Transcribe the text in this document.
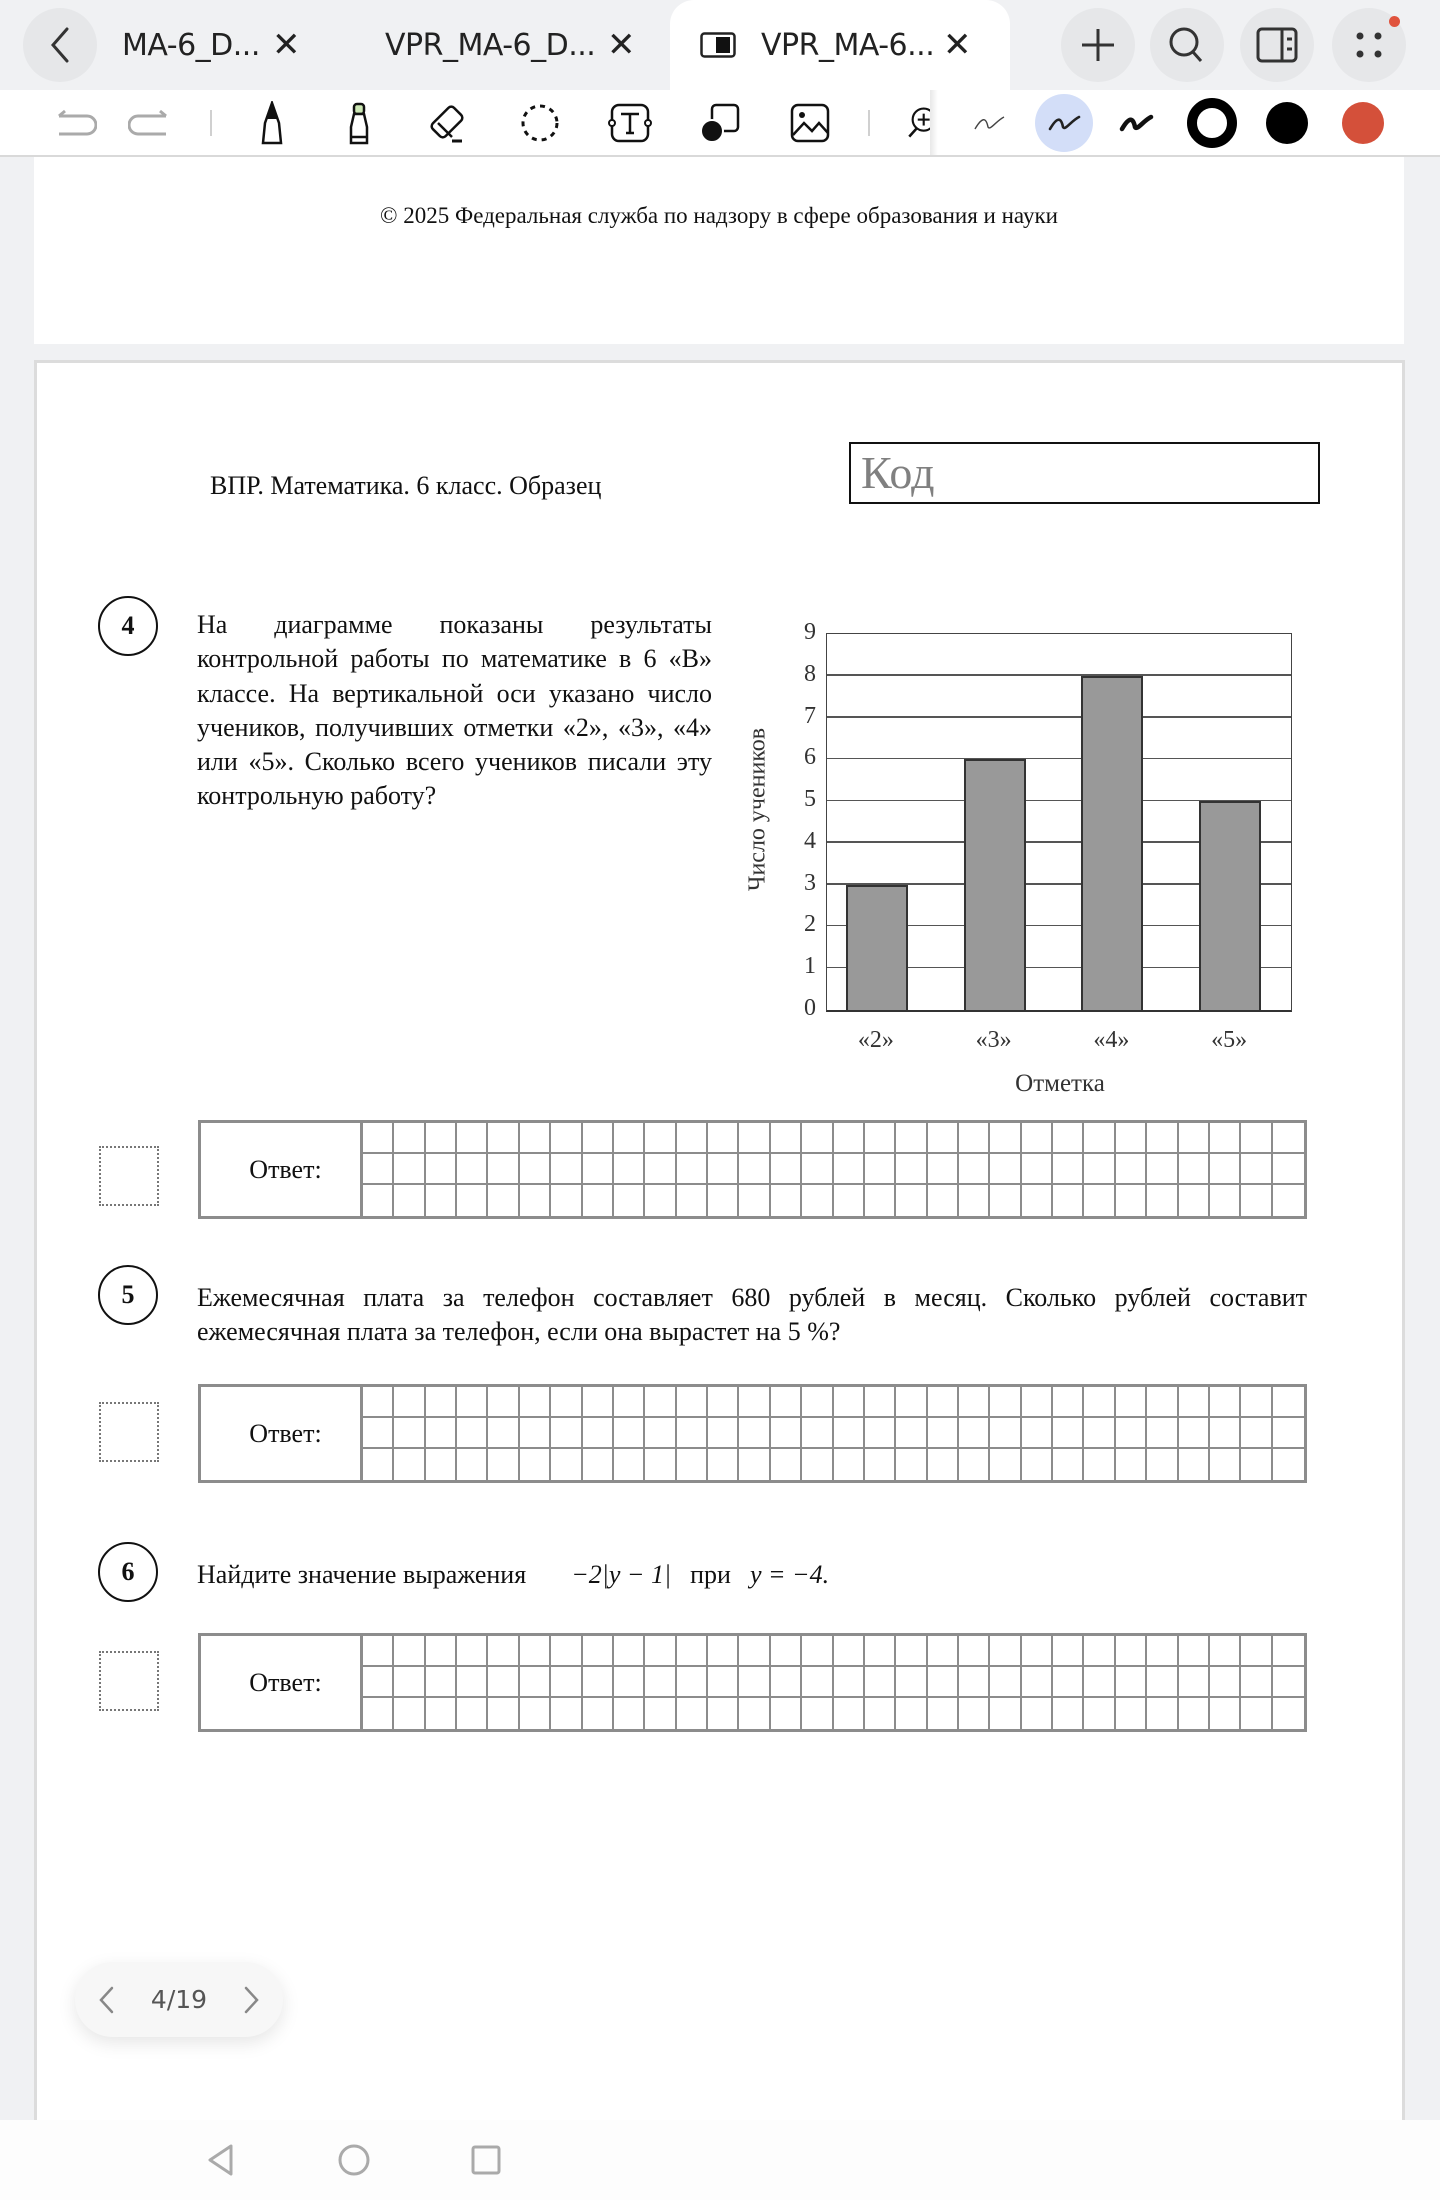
MA-6_D... ✕	VPR_MA-6_D... ✕	VPR_MA-6... ✕
© 2025 Федеральная служба по надзору в сфере образования и науки
ВПР. Математика. 6 класс. Образец	Код
4	На диаграмме показаны результаты контрольной работы по математике в 6 «В» классе. На вертикальной оси указано число учеников, получивших отметки «2», «3», «4» или «5». Сколько всего учеников писали эту контрольную работу?	Число учеников
0
1
2
3
4
5
6
7
8
9
«2»	«3»	«4»	«5»
Отметка
Ответ:
5	Ежемесячная плата за телефон составляет 680 рублей в месяц. Сколько рублей составит ежемесячная плата за телефон, если она вырастет на 5 %?
Ответ:
6	Найдите значение выражения −2|y − 1| при y = −4.
Ответ:
4/19
